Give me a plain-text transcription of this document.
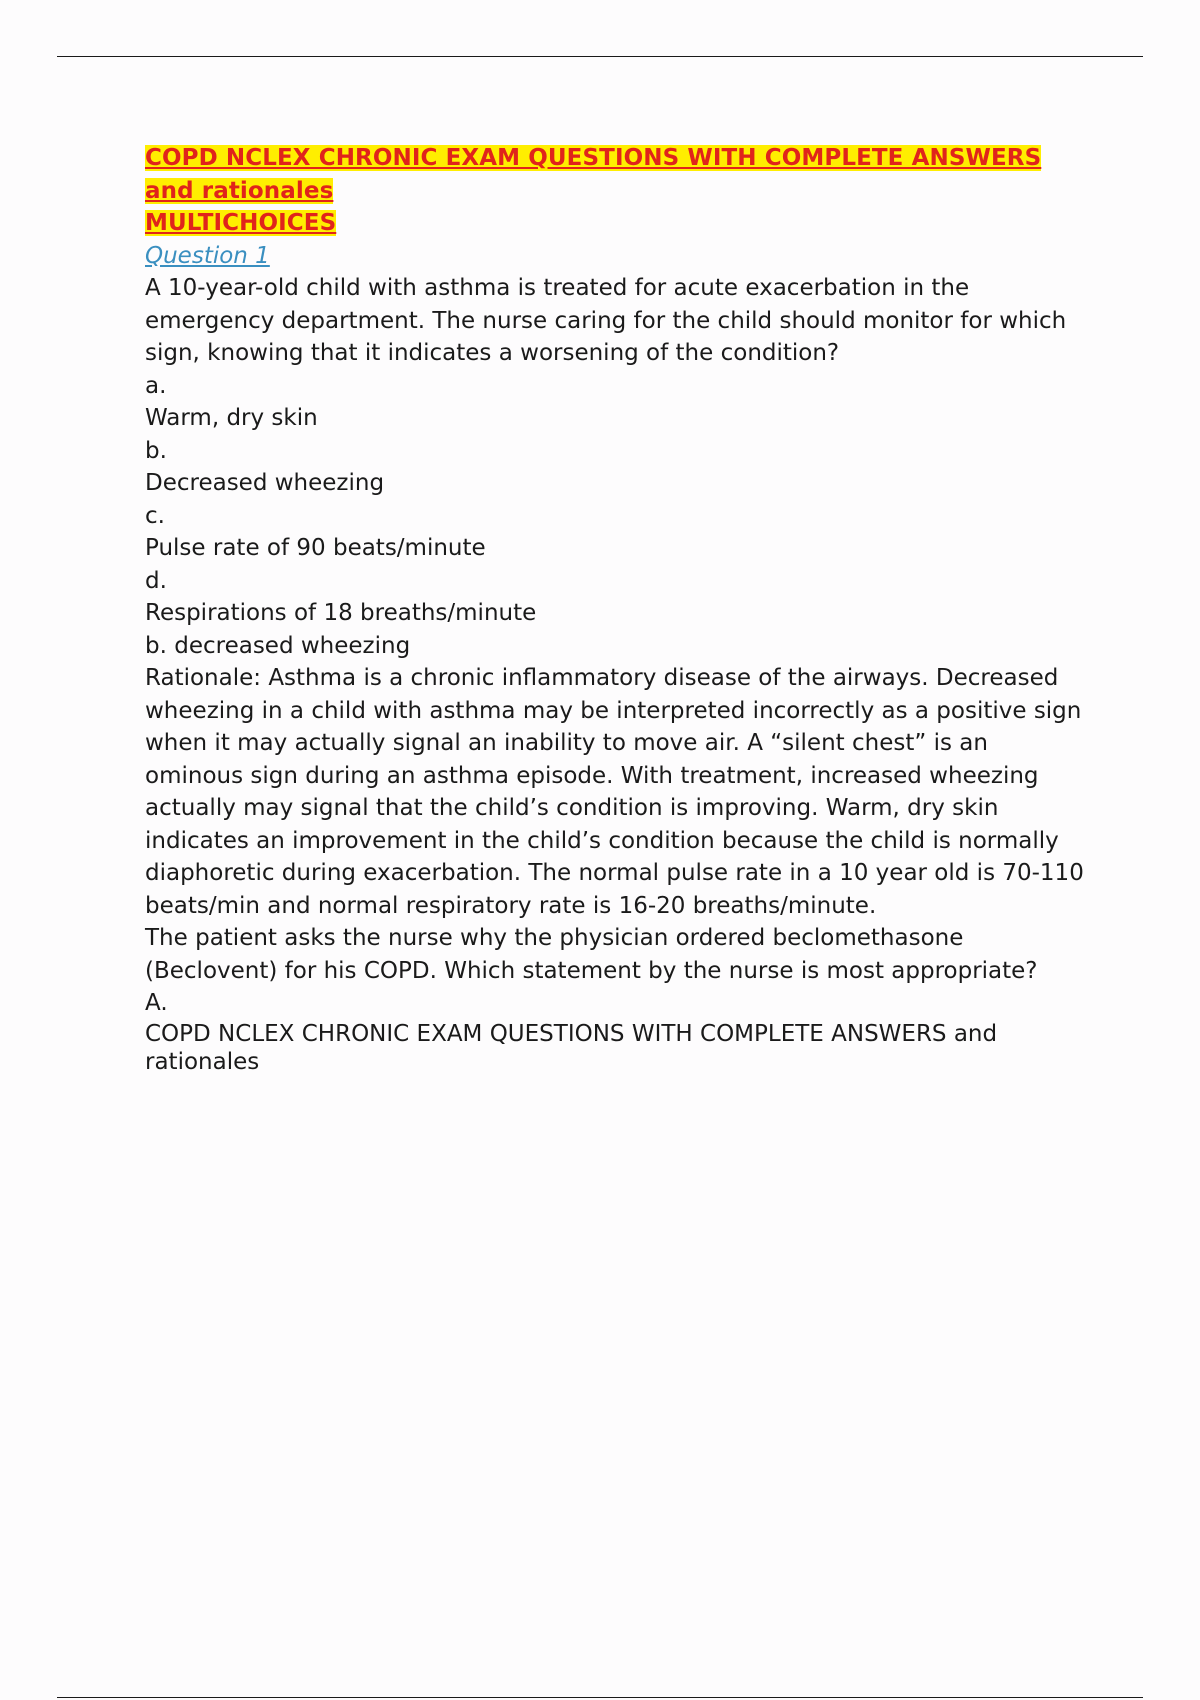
COPD NCLEX CHRONIC EXAM QUESTIONS WITH COMPLETE ANSWERS and rationales

MULTICHOICES

Question 1

A 10-year-old child with asthma is treated for acute exacerbation in the emergency department. The nurse caring for the child should monitor for which sign, knowing that it indicates a worsening of the condition?

a.

Warm, dry skin

b.

Decreased wheezing

c.

Pulse rate of 90 beats/minute

d.

Respirations of 18 breaths/minute

b. decreased wheezing

Rationale: Asthma is a chronic inflammatory disease of the airways. Decreased wheezing in a child with asthma may be interpreted incorrectly as a positive sign when it may actually signal an inability to move air. A “silent chest” is an ominous sign during an asthma episode. With treatment, increased wheezing actually may signal that the child’s condition is improving. Warm, dry skin indicates an improvement in the child’s condition because the child is normally diaphoretic during exacerbation. The normal pulse rate in a 10 year old is 70-110 beats/min and normal respiratory rate is 16-20 breaths/minute.

The patient asks the nurse why the physician ordered beclomethasone (Beclovent) for his COPD. Which statement by the nurse is most appropriate?

A.

COPD NCLEX CHRONIC EXAM QUESTIONS WITH COMPLETE ANSWERS and rationales
